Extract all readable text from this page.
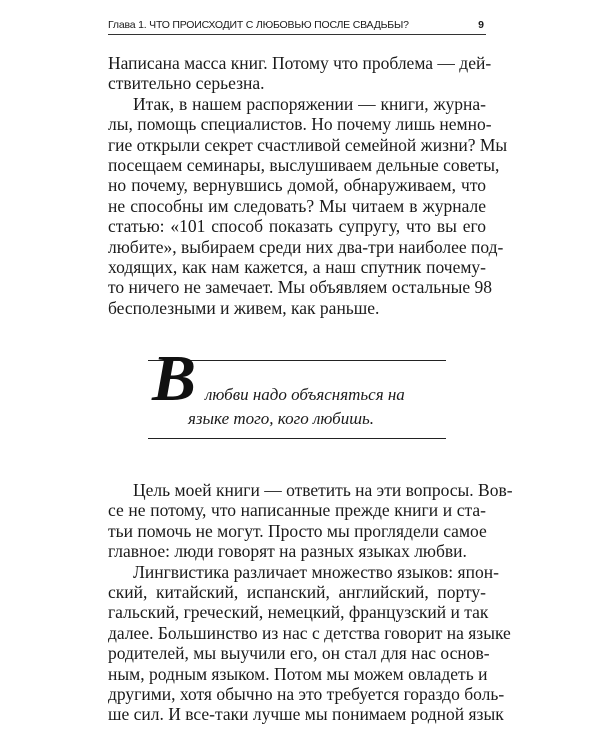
Глава 1. ЧТО ПРОИСХОДИТ С ЛЮБОВЬЮ ПОСЛЕ СВАДЬБЫ?	9
Написана масса книг. Потому что проблема — дей-
ствительно серьезна.
Итак, в нашем распоряжении — книги, журна-
лы, помощь специалистов. Но почему лишь немно-
гие открыли секрет счастливой семейной жизни? Мы
посещаем семинары, выслушиваем дельные советы,
но почему, вернувшись домой, обнаруживаем, что
не способны им следовать? Мы читаем в журнале
статью: «101 способ показать супругу, что вы его
любите», выбираем среди них два-три наиболее под-
ходящих, как нам кажется, а наш спутник почему-
то ничего не замечает. Мы объявляем остальные 98
бесполезными и живем, как раньше.
В любви надо объясняться на
языке того, кого любишь.
Цель моей книги — ответить на эти вопросы. Вов-
се не потому, что написанные прежде книги и ста-
тьи помочь не могут. Просто мы проглядели самое
главное: люди говорят на разных языках любви.
Лингвистика различает множество языков: япон-
ский, китайский, испанский, английский, порту-
гальский, греческий, немецкий, французский и так
далее. Большинство из нас с детства говорит на языке
родителей, мы выучили его, он стал для нас основ-
ным, родным языком. Потом мы можем овладеть и
другими, хотя обычно на это требуется гораздо боль-
ше сил. И все-таки лучше мы понимаем родной язык
